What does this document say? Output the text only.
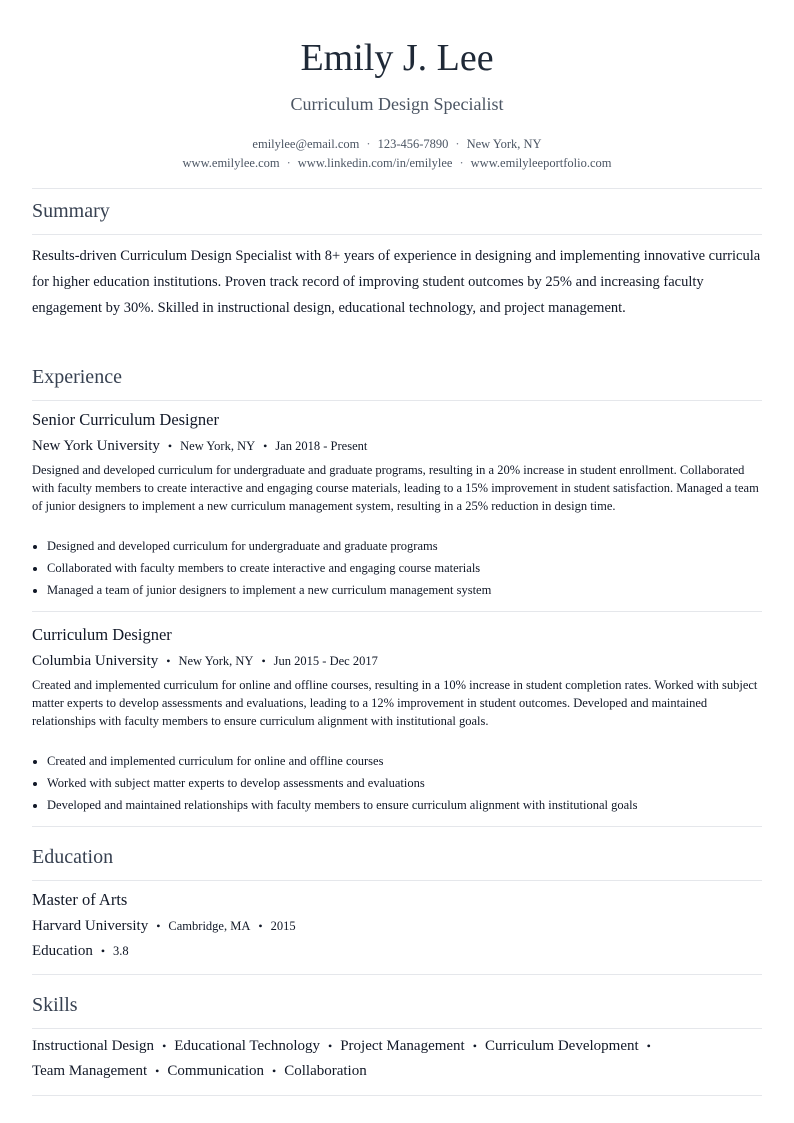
Emily J. Lee
Curriculum Design Specialist
emilylee@email.com · 123-456-7890 · New York, NY
www.emilylee.com · www.linkedin.com/in/emilylee · www.emilyleeportfolio.com
Summary
Results-driven Curriculum Design Specialist with 8+ years of experience in designing and implementing innovative curricula for higher education institutions. Proven track record of improving student outcomes by 25% and increasing faculty engagement by 30%. Skilled in instructional design, educational technology, and project management.
Experience
Senior Curriculum Designer
New York University • New York, NY • Jan 2018 - Present
Designed and developed curriculum for undergraduate and graduate programs, resulting in a 20% increase in student enrollment. Collaborated with faculty members to create interactive and engaging course materials, leading to a 15% improvement in student satisfaction. Managed a team of junior designers to implement a new curriculum management system, resulting in a 25% reduction in design time.
Designed and developed curriculum for undergraduate and graduate programs
Collaborated with faculty members to create interactive and engaging course materials
Managed a team of junior designers to implement a new curriculum management system
Curriculum Designer
Columbia University • New York, NY • Jun 2015 - Dec 2017
Created and implemented curriculum for online and offline courses, resulting in a 10% increase in student completion rates. Worked with subject matter experts to develop assessments and evaluations, leading to a 12% improvement in student outcomes. Developed and maintained relationships with faculty members to ensure curriculum alignment with institutional goals.
Created and implemented curriculum for online and offline courses
Worked with subject matter experts to develop assessments and evaluations
Developed and maintained relationships with faculty members to ensure curriculum alignment with institutional goals
Education
Master of Arts
Harvard University • Cambridge, MA • 2015
Education • 3.8
Skills
Instructional Design • Educational Technology • Project Management • Curriculum Development •
Team Management • Communication • Collaboration
